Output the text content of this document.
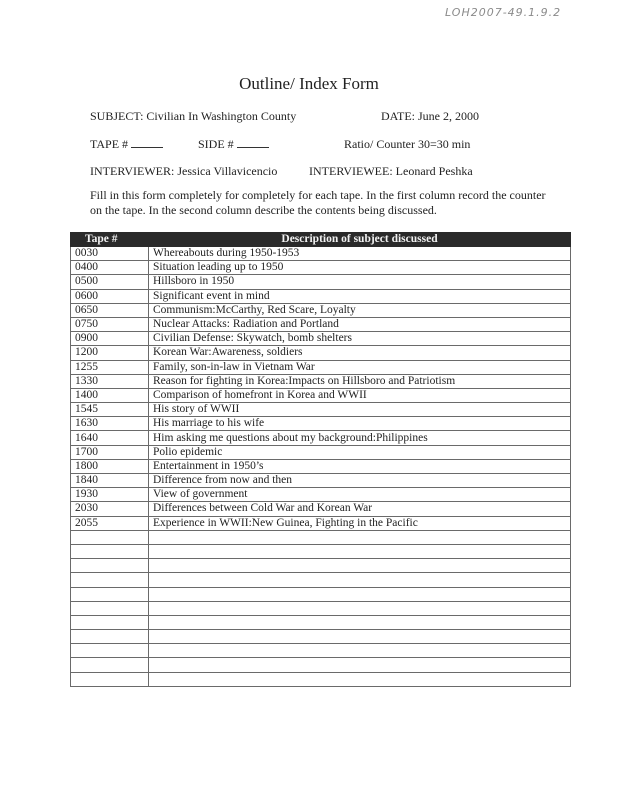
LOH2007-49.1.9.2
Outline/ Index Form
SUBJECT: Civilian In Washington County	DATE: June 2, 2000
TAPE #	SIDE #	Ratio/ Counter 30=30 min
INTERVIEWER: Jessica Villavicencio	INTERVIEWEE: Leonard Peshka
Fill in this form completely for completely for each tape. In the first column record the counter on the tape. In the second column describe the contents being discussed.
Tape #	Description of subject discussed
0030	Whereabouts during 1950-1953
0400	Situation leading up to 1950
0500	Hillsboro in 1950
0600	Significant event in mind
0650	Communism:McCarthy, Red Scare, Loyalty
0750	Nuclear Attacks: Radiation and Portland
0900	Civilian Defense: Skywatch, bomb shelters
1200	Korean War:Awareness, soldiers
1255	Family, son-in-law in Vietnam War
1330	Reason for fighting in Korea:Impacts on Hillsboro and Patriotism
1400	Comparison of homefront in Korea and WWII
1545	His story of WWII
1630	His marriage to his wife
1640	Him asking me questions about my background:Philippines
1700	Polio epidemic
1800	Entertainment in 1950’s
1840	Difference from now and then
1930	View of government
2030	Differences between Cold War and Korean War
2055	Experience in WWII:New Guinea, Fighting in the Pacific
